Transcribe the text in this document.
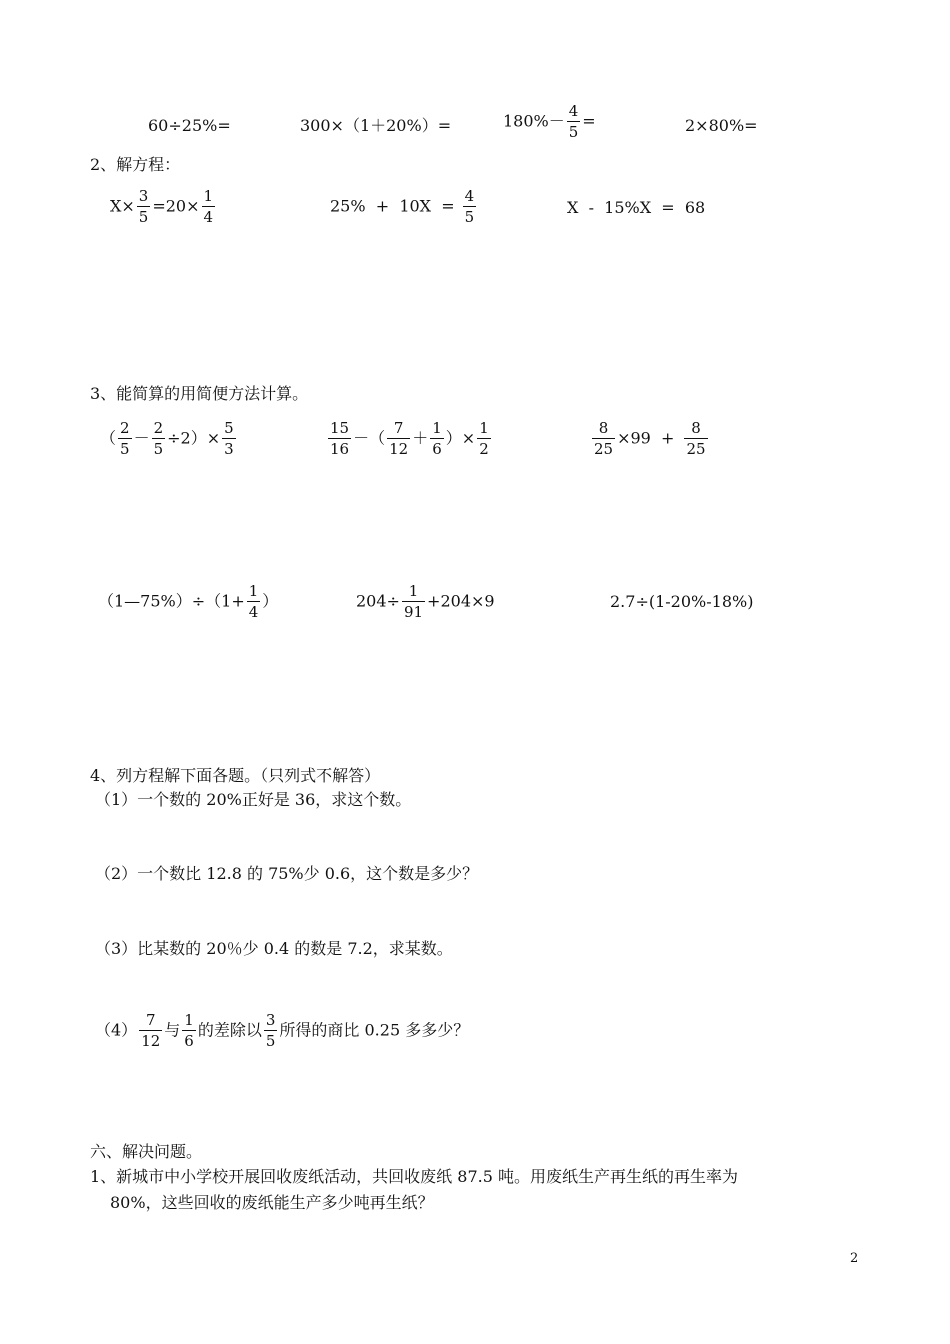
60÷25%=	300×（1＋20%）=	$180\%- \frac{4}{5}$ =	2×80%=
2、解方程：
$X\times \frac{3}{5} =20\times \frac{1}{4}$	$25\% + 10X = \frac{4}{5}$	X  -  15%X  =  68
3、能简算的用简便方法计算。
（ $\frac{2}{5} - \frac{2}{5} \div 2)\times \frac{5}{3}$	$\frac{15}{16}$ －（ $\frac{7}{12} + \frac{1}{6}$ ）× $\frac{1}{2}$	$\frac{8}{25} \times 99 + \frac{8}{25}$
（1—75%）÷（1+ $\frac{1}{4}$ ）	$204\div \frac{1}{91} +204\times 9$	2.7÷(1-20%-18%)
4、列方程解下面各题。（只列式不解答）
（1）一个数的 20%正好是 36，求这个数。
（2）一个数比 12.8 的 75%少 0.6，这个数是多少？
（3）比某数的 20％少 0.4 的数是 7.2，求某数。
$(4) \frac{7}{12}$ 与 $\frac{1}{6}$ 的差除以 $\frac{3}{5}$ 所得的商比 0.25 多多少？
六、解决问题。
1、新城市中小学校开展回收废纸活动，共回收废纸 87.5 吨。用废纸生产再生纸的再生率为
80%，这些回收的废纸能生产多少吨再生纸？
2
